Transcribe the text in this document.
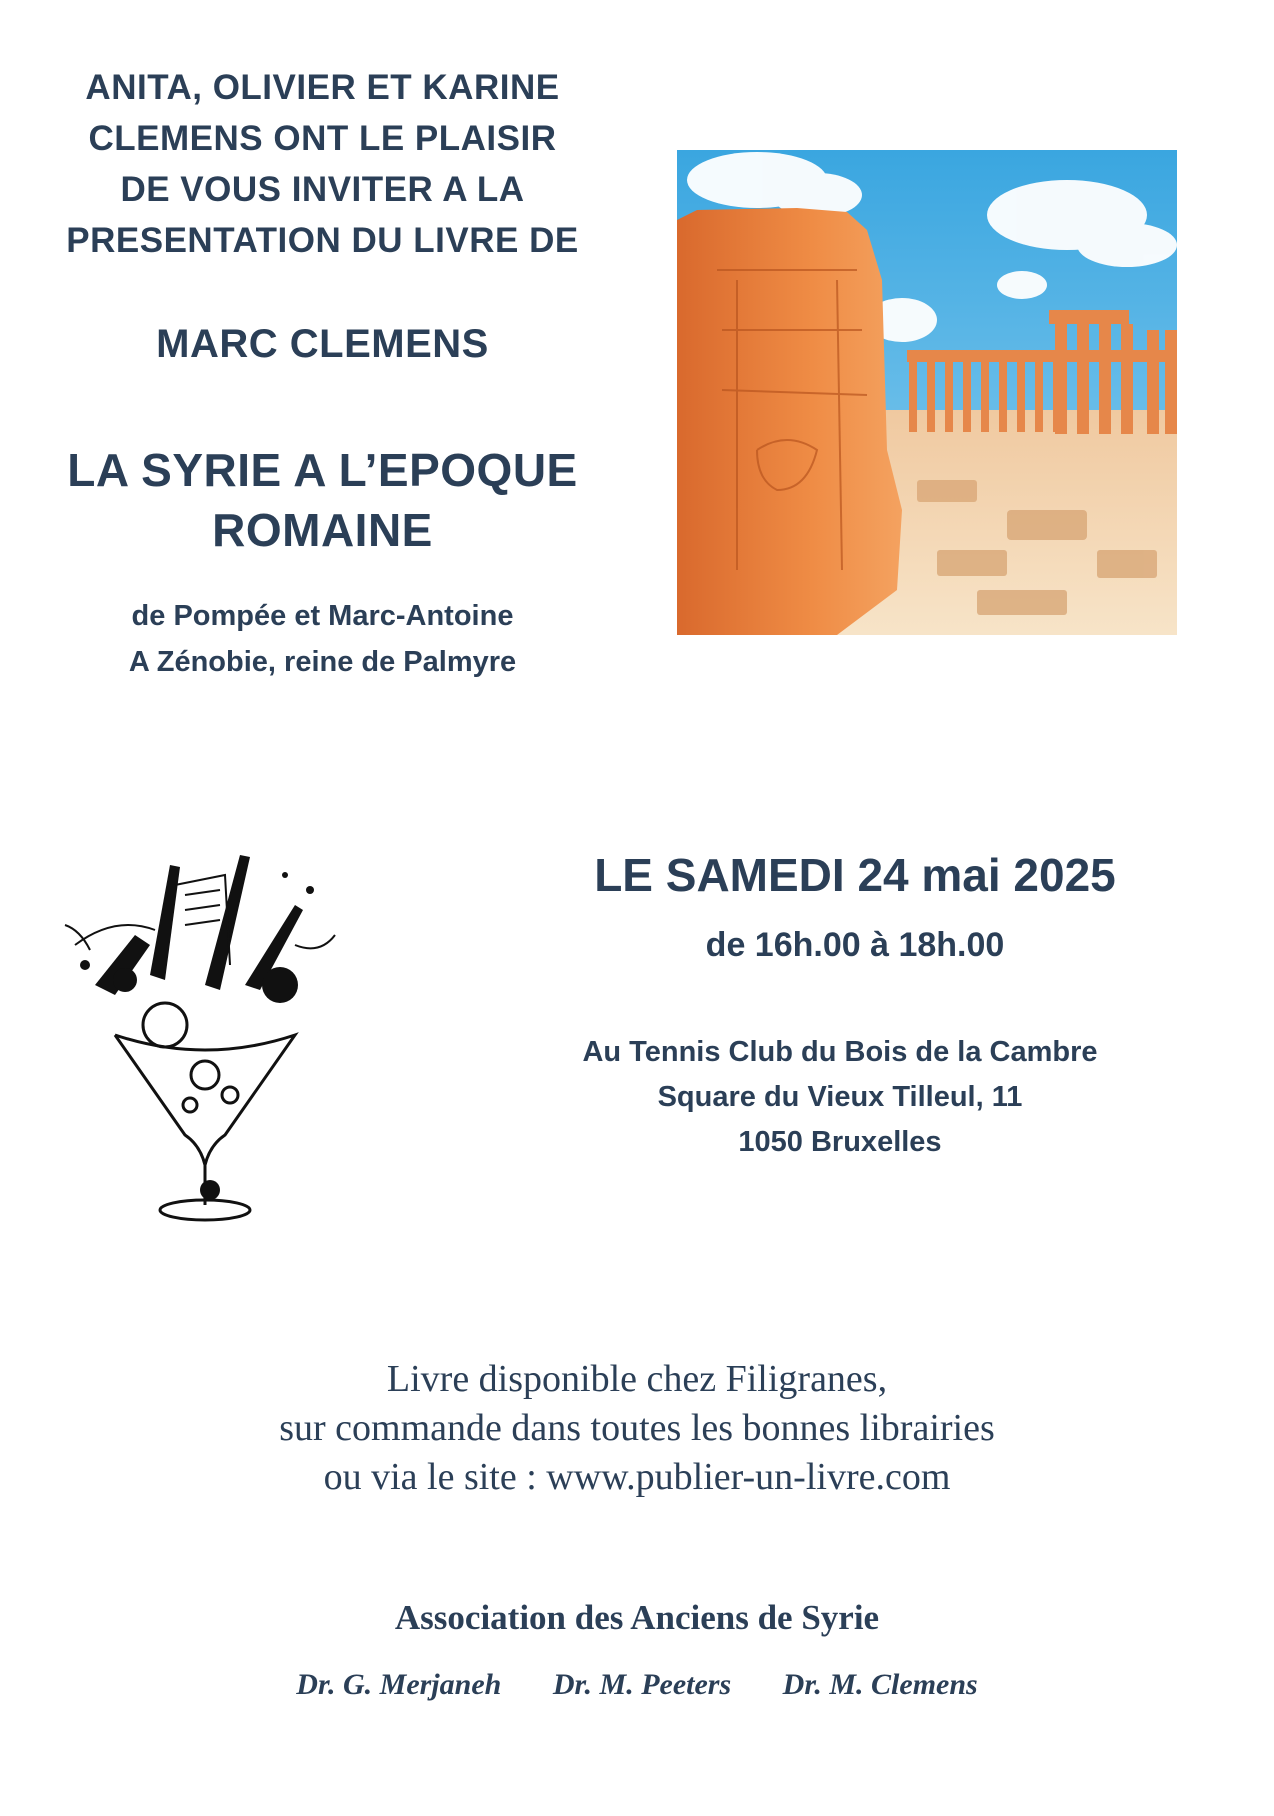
ANITA, OLIVIER ET KARINE
CLEMENS ONT LE PLAISIR
DE VOUS INVITER A LA
PRESENTATION DU LIVRE DE
MARC CLEMENS
LA SYRIE A L’EPOQUE
ROMAINE
de Pompée et Marc-Antoine
A Zénobie, reine de Palmyre
LE SAMEDI 24 mai 2025
de 16h.00 à 18h.00
Au Tennis Club du Bois de la Cambre
Square du Vieux Tilleul, 11
1050 Bruxelles
Livre disponible chez Filigranes,
sur commande dans toutes les bonnes librairies
ou via le site : www.publier-un-livre.com
Association des Anciens de Syrie
Dr. G. Merjaneh Dr. M. Peeters Dr. M. Clemens
